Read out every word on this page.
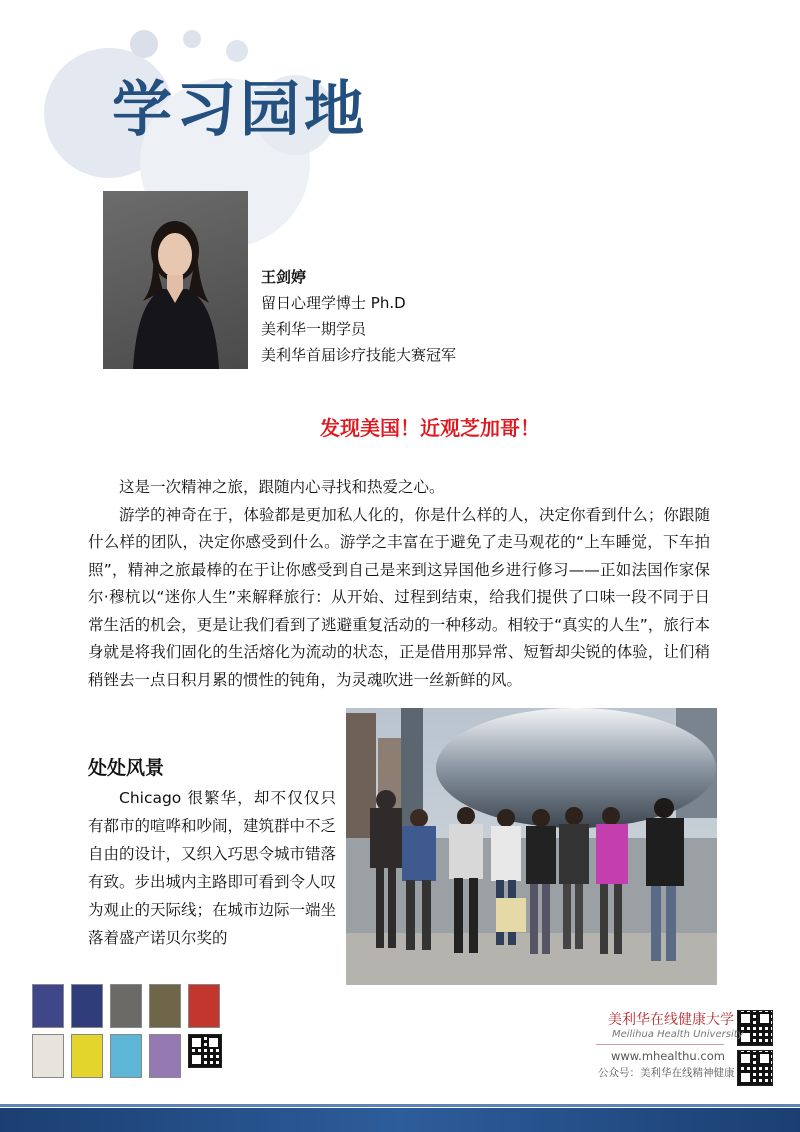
学习园地
王剑婷
留日心理学博士 Ph.D
美利华一期学员
美利华首届诊疗技能大赛冠军
发现美国！近观芝加哥！

这是一次精神之旅，跟随内心寻找和热爱之心。

游学的神奇在于，体验都是更加私人化的，你是什么样的人，决定你看到什么；你跟随什么样的团队，决定你感受到什么。游学之丰富在于避免了走马观花的“上车睡觉，下车拍照”，精神之旅最棒的在于让你感受到自己是来到这异国他乡进行修习——正如法国作家保尔·穆杭以“迷你人生”来解释旅行：从开始、过程到结束，给我们提供了口味一段不同于日常生活的机会，更是让我们看到了逃避重复活动的一种移动。相较于“真实的人生”，旅行本身就是将我们固化的生活熔化为流动的状态，正是借用那异常、短暂却尖锐的体验，让们稍稍锉去一点日积月累的惯性的钝角，为灵魂吹进一丝新鲜的风。

处处风景
Chicago 很繁华，却不仅仅只有都市的喧哗和吵闹，建筑群中不乏自由的设计，又织入巧思令城市错落有致。步出城内主路即可看到令人叹为观止的天际线；在城市边际一端坐落着盛产诺贝尔奖的
美利华在线健康大学
Meilihua Health University
www.mhealthu.com
公众号：美利华在线精神健康
